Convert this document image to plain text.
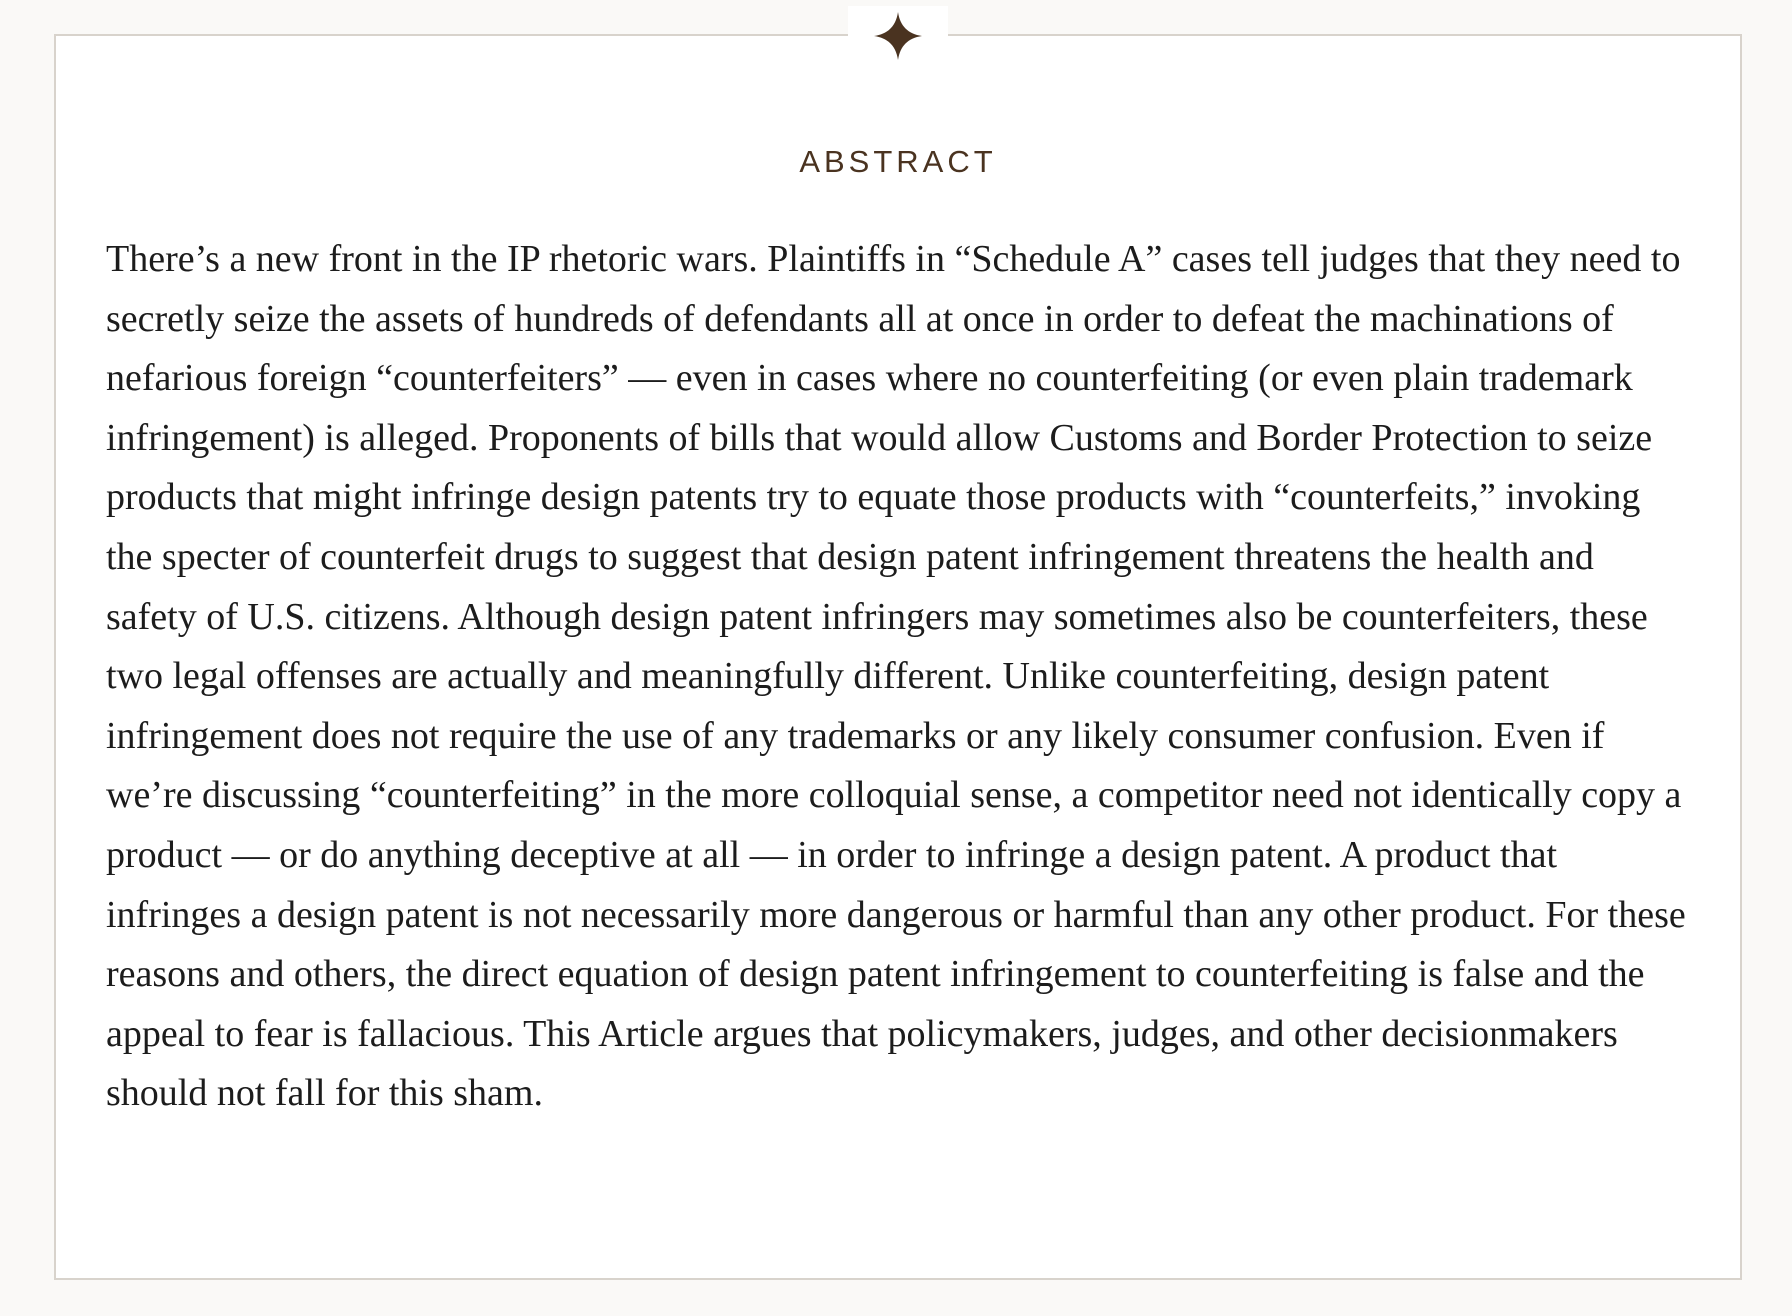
ABSTRACT

There’s a new front in the IP rhetoric wars. Plaintiffs in “Schedule A” cases tell judges that they need to secretly seize the assets of hundreds of defendants all at once in order to defeat the machinations of nefarious foreign “counterfeiters” — even in cases where no counterfeiting (or even plain trademark infringement) is alleged. Proponents of bills that would allow Customs and Border Protection to seize products that might infringe design patents try to equate those products with “counterfeits,” invoking the specter of counterfeit drugs to suggest that design patent infringement threatens the health and safety of U.S. citizens. Although design patent infringers may sometimes also be counterfeiters, these two legal offenses are actually and meaningfully different. Unlike counterfeiting, design patent infringement does not require the use of any trademarks or any likely consumer confusion. Even if we’re discussing “counterfeiting” in the more colloquial sense, a competitor need not identically copy a product — or do anything deceptive at all — in order to infringe a design patent. A product that infringes a design patent is not necessarily more dangerous or harmful than any other product. For these reasons and others, the direct equation of design patent infringement to counterfeiting is false and the appeal to fear is fallacious. This Article argues that policymakers, judges, and other decisionmakers should not fall for this sham.
